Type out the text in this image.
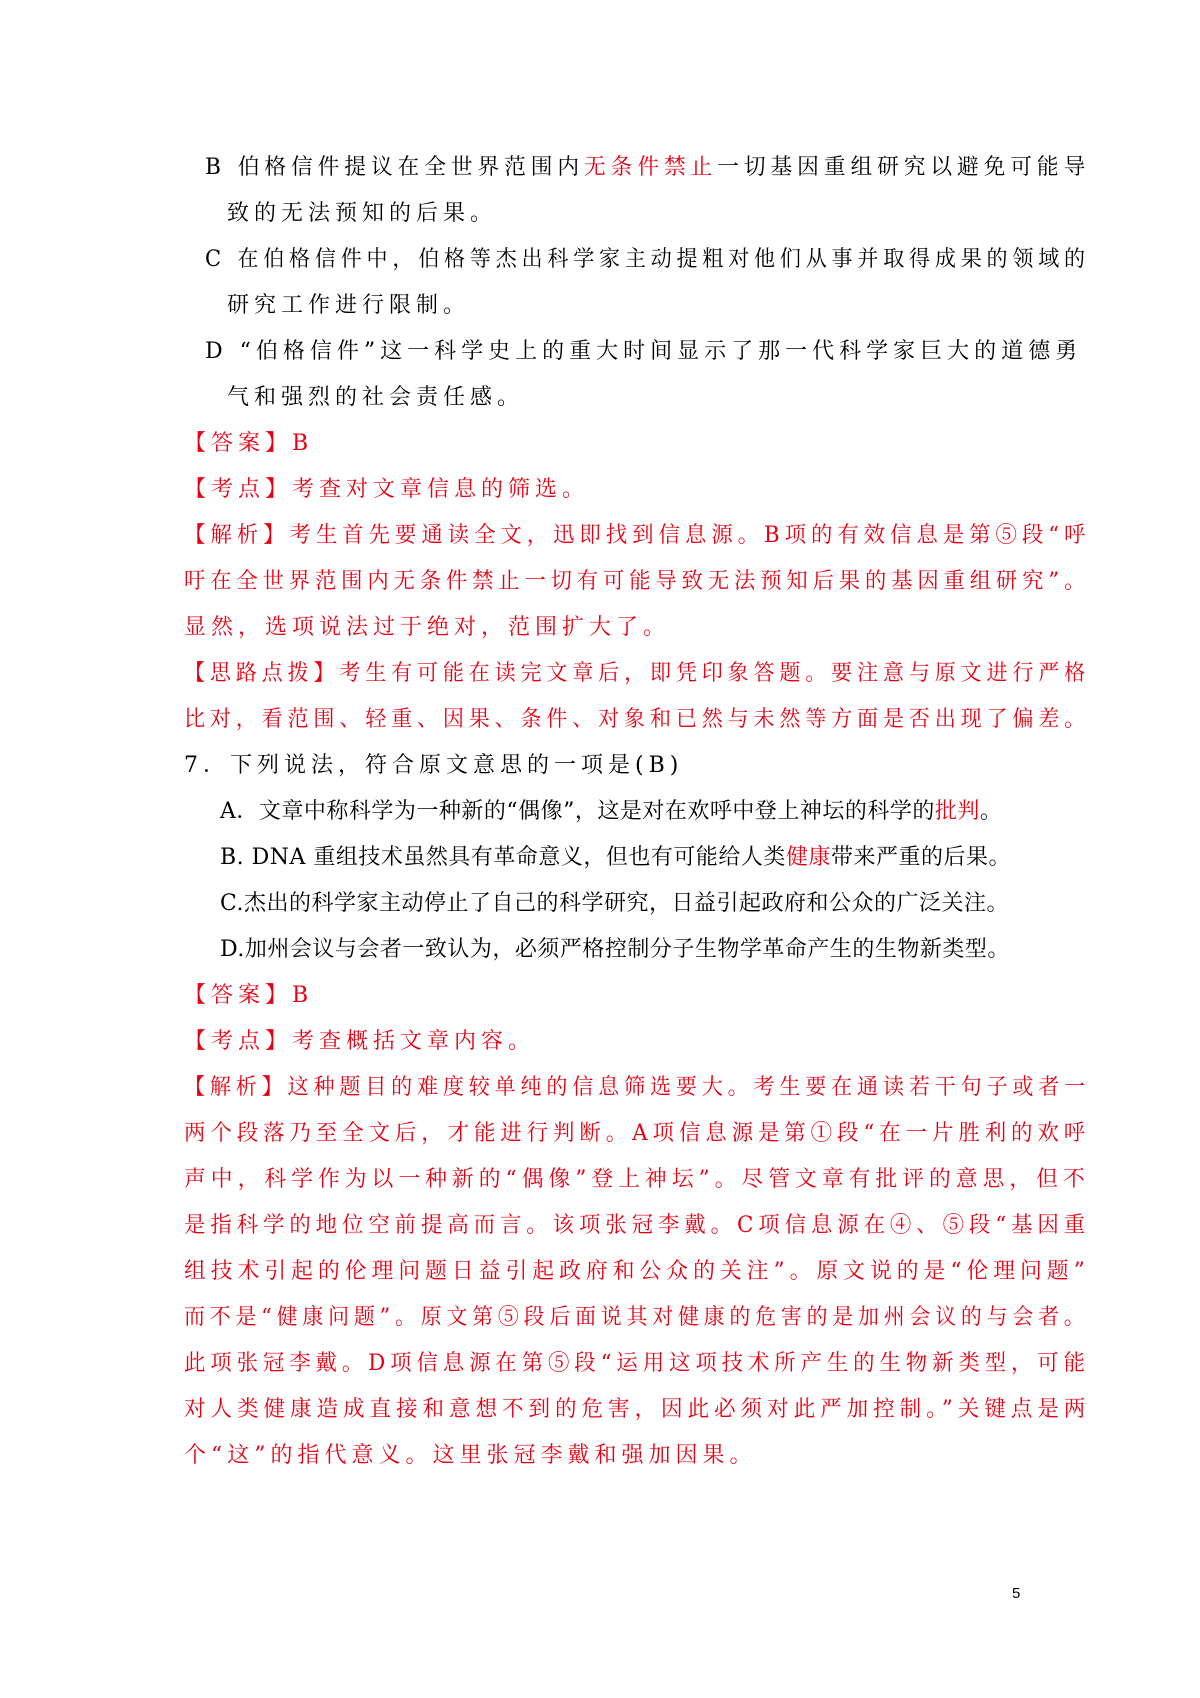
B 伯格信件提议在全世界范围内无条件禁止一切基因重组研究以避免可能导
致的无法预知的后果。
C 在伯格信件中，伯格等杰出科学家主动提粗对他们从事并取得成果的领域的
研究工作进行限制。
D “伯格信件”这一科学史上的重大时间显示了那一代科学家巨大的道德勇
气和强烈的社会责任感。
【答案】B
【考点】考查对文章信息的筛选。
【解析】考生首先要通读全文，迅即找到信息源。B项的有效信息是第⑤段“呼
吁在全世界范围内无条件禁止一切有可能导致无法预知后果的基因重组研究”。
显然，选项说法过于绝对，范围扩大了。
【思路点拨】考生有可能在读完文章后，即凭印象答题。要注意与原文进行严格
比对，看范围、轻重、因果、条件、对象和已然与未然等方面是否出现了偏差。
7．下列说法，符合原文意思的一项是(B)
A．文章中称科学为一种新的“偶像”，这是对在欢呼中登上神坛的科学的批判。
B. DNA 重组技术虽然具有革命意义，但也有可能给人类健康带来严重的后果。
C.杰出的科学家主动停止了自己的科学研究，日益引起政府和公众的广泛关注。
D.加州会议与会者一致认为，必须严格控制分子生物学革命产生的生物新类型。
【答案】B
【考点】考查概括文章内容。
【解析】这种题目的难度较单纯的信息筛选要大。考生要在通读若干句子或者一
两个段落乃至全文后，才能进行判断。A项信息源是第①段“在一片胜利的欢呼
声中，科学作为以一种新的“偶像”登上神坛”。尽管文章有批评的意思，但不
是指科学的地位空前提高而言。该项张冠李戴。C项信息源在④、⑤段“基因重
组技术引起的伦理问题日益引起政府和公众的关注”。原文说的是“伦理问题”
而不是“健康问题”。原文第⑤段后面说其对健康的危害的是加州会议的与会者。
此项张冠李戴。D项信息源在第⑤段“运用这项技术所产生的生物新类型，可能
对人类健康造成直接和意想不到的危害，因此必须对此严加控制。”关键点是两
个“这”的指代意义。这里张冠李戴和强加因果。
5
